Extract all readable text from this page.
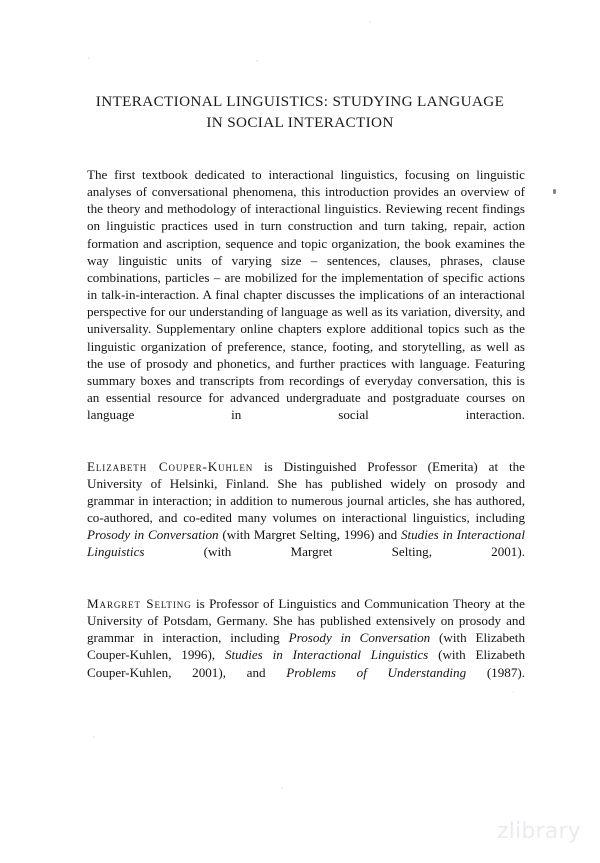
INTERACTIONAL LINGUISTICS: STUDYING LANGUAGE
IN SOCIAL INTERACTION

The first textbook dedicated to interactional linguistics, focusing on linguistic analyses of conversational phenomena, this introduction provides an overview of the theory and methodology of interactional linguistics. Reviewing recent findings on linguistic practices used in turn construction and turn taking, repair, action formation and ascription, sequence and topic organization, the book examines the way linguistic units of varying size – sentences, clauses, phrases, clause combinations, particles – are mobilized for the implementation of specific actions in talk-in-interaction. A final chapter discusses the implications of an interactional perspective for our understanding of language as well as its variation, diversity, and universality. Supplementary online chapters explore additional topics such as the linguistic organization of preference, stance, footing, and storytelling, as well as the use of prosody and phonetics, and further practices with language. Featuring summary boxes and transcripts from recordings of everyday conversation, this is an essential resource for advanced undergraduate and postgraduate courses on language in social interaction.

Elizabeth Couper-Kuhlen is Distinguished Professor (Emerita) at the University of Helsinki, Finland. She has published widely on prosody and grammar in interaction; in addition to numerous journal articles, she has authored, co-authored, and co-edited many volumes on interactional linguistics, including Prosody in Conversation (with Margret Selting, 1996) and Studies in Interactional Linguistics (with Margret Selting, 2001).

Margret Selting is Professor of Linguistics and Communication Theory at the University of Potsdam, Germany. She has published extensively on prosody and grammar in interaction, including Prosody in Conversation (with Elizabeth Couper-Kuhlen, 1996), Studies in Interactional Linguistics (with Elizabeth Couper-Kuhlen, 2001), and Problems of Understanding (1987).

zlibrary
